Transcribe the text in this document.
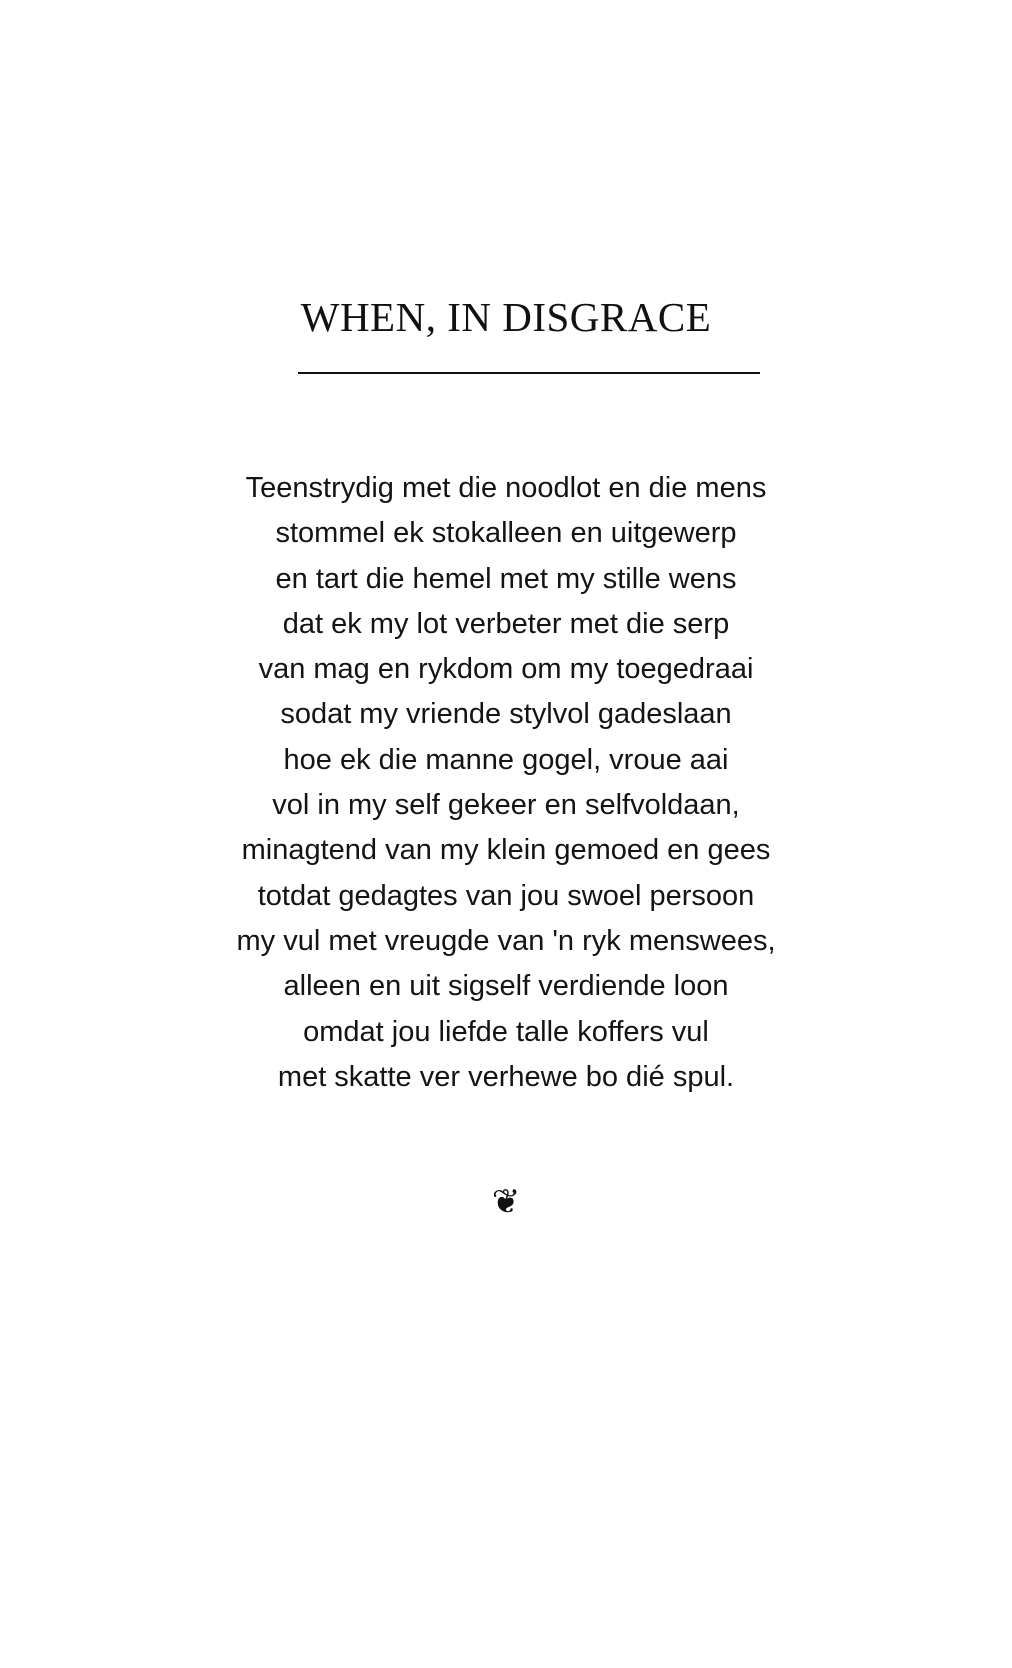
WHEN, IN DISGRACE
Teenstrydig met die noodlot en die mens
stommel ek stokalleen en uitgewerp
en tart die hemel met my stille wens
dat ek my lot verbeter met die serp
van mag en rykdom om my toegedraai
sodat my vriende stylvol gadeslaan
hoe ek die manne gogel, vroue aai
vol in my self gekeer en selfvoldaan,
minagtend van my klein gemoed en gees
totdat gedagtes van jou swoel persoon
my vul met vreugde van 'n ryk menswees,
alleen en uit sigself verdiende loon
omdat jou liefde talle koffers vul
met skatte ver verhewe bo dié spul.
❦
